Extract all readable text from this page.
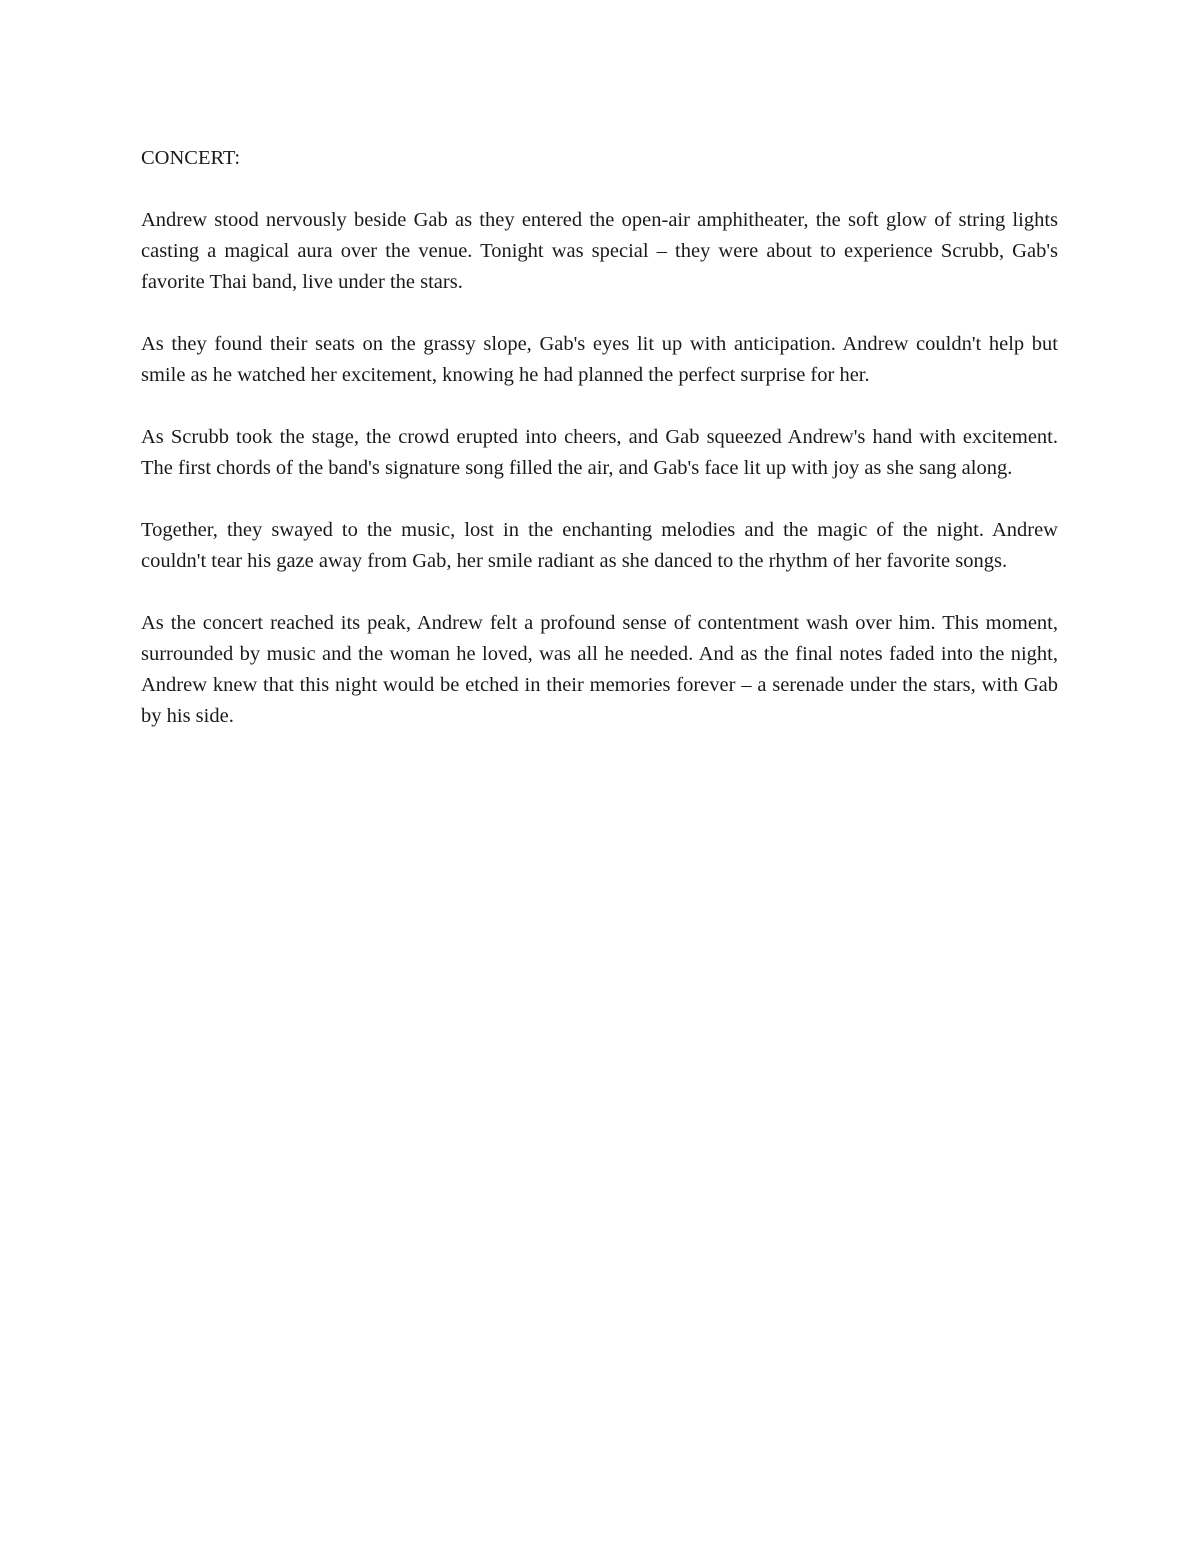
CONCERT:

Andrew stood nervously beside Gab as they entered the open-air amphitheater, the soft glow of string lights casting a magical aura over the venue. Tonight was special – they were about to experience Scrubb, Gab's favorite Thai band, live under the stars.

As they found their seats on the grassy slope, Gab's eyes lit up with anticipation. Andrew couldn't help but smile as he watched her excitement, knowing he had planned the perfect surprise for her.

As Scrubb took the stage, the crowd erupted into cheers, and Gab squeezed Andrew's hand with excitement. The first chords of the band's signature song filled the air, and Gab's face lit up with joy as she sang along.

Together, they swayed to the music, lost in the enchanting melodies and the magic of the night. Andrew couldn't tear his gaze away from Gab, her smile radiant as she danced to the rhythm of her favorite songs.

As the concert reached its peak, Andrew felt a profound sense of contentment wash over him. This moment, surrounded by music and the woman he loved, was all he needed. And as the final notes faded into the night, Andrew knew that this night would be etched in their memories forever – a serenade under the stars, with Gab by his side.
